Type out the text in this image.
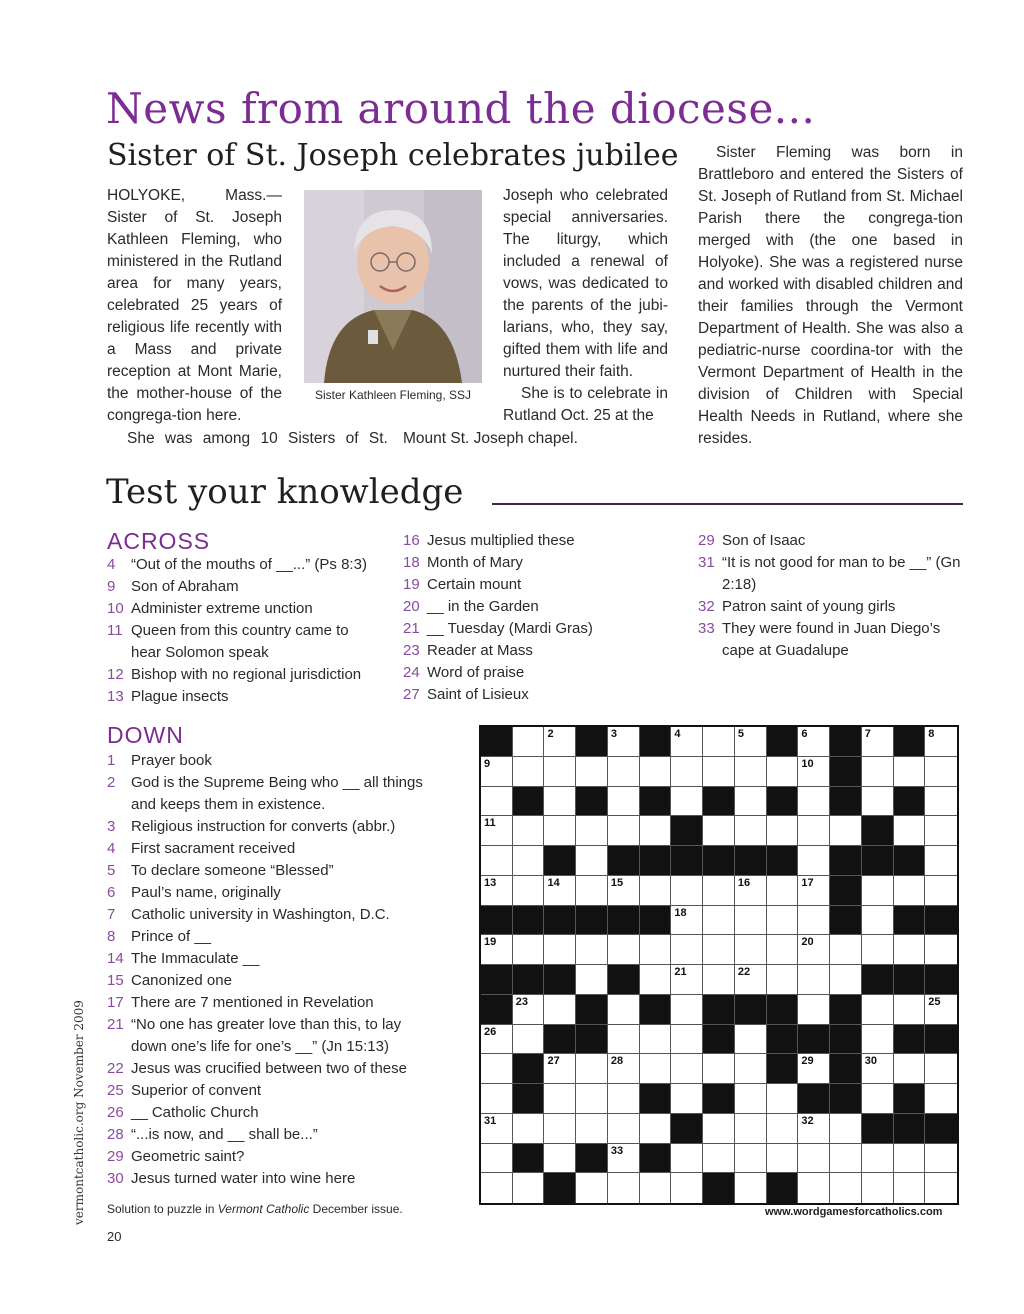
News from around the diocese...
Sister of St. Joseph celebrates jubilee
HOLYOKE, Mass.—Sister of St. Joseph Kathleen Fleming, who ministered in the Rutland area for many years, celebrated 25 years of religious life recently with a Mass and private reception at Mont Marie, the mother-house of the congrega-tion here.
She was among 10 Sisters of St. Mount St. Joseph chapel.
Sister Kathleen Fleming, SSJ
Joseph who celebrated special anniversaries. The liturgy, which included a renewal of vows, was dedicated to the parents of the jubi-larians, who, they say, gifted them with life and nurtured their faith.
She is to celebrate in Rutland Oct. 25 at the
Sister Fleming was born in Brattleboro and entered the Sisters of St. Joseph of Rutland from St. Michael Parish there the congrega-tion merged with (the one based in Holyoke). She was a registered nurse and worked with disabled children and their families through the Vermont Department of Health. She was also a pediatric-nurse coordina-tor with the Vermont Department of Health in the division of Children with Special Health Needs in Rutland, where she resides.
Test your knowledge
ACROSS
4	“Out of the mouths of __...” (Ps 8:3)
9	Son of Abraham
10 Administer extreme unction
11 Queen from this country came to hear Solomon speak
12 Bishop with no regional jurisdiction
13 Plague insects
16 Jesus multiplied these
18 Month of Mary
19 Certain mount
20 __ in the Garden
21 __ Tuesday (Mardi Gras)
23 Reader at Mass
24 Word of praise
27 Saint of Lisieux
29 Son of Isaac
31 “It is not good for man to be __” (Gn 2:18)
32 Patron saint of young girls
33 They were found in Juan Diego’s cape at Guadalupe
DOWN
1	Prayer book
2	God is the Supreme Being who __ all things and keeps them in existence.
3	Religious instruction for converts (abbr.)
4	First sacrament received
5	To declare someone “Blessed”
6	Paul’s name, originally
7	Catholic university in Washington, D.C.
8	Prince of __
14 The Immaculate __
15 Canonized one
17 There are 7 mentioned in Revelation
21 “No one has greater love than this, to lay down one’s life for one’s __” (Jn 15:13)
22 Jesus was crucified between two of these
25 Superior of convent
26 __ Catholic Church
28 “...is now, and __ shall be...”
29 Geometric saint?
30 Jesus turned water into wine here
2	3	4	5	6	7	8
9	10
11
13	14	15	16	17
18
19	20
21	22
23	25
26
27	28	29	30
31	32
33
Solution to puzzle in Vermont Catholic December issue.	www.wordgamesforcatholics.com
vermontcatholic.org November 2009
20
